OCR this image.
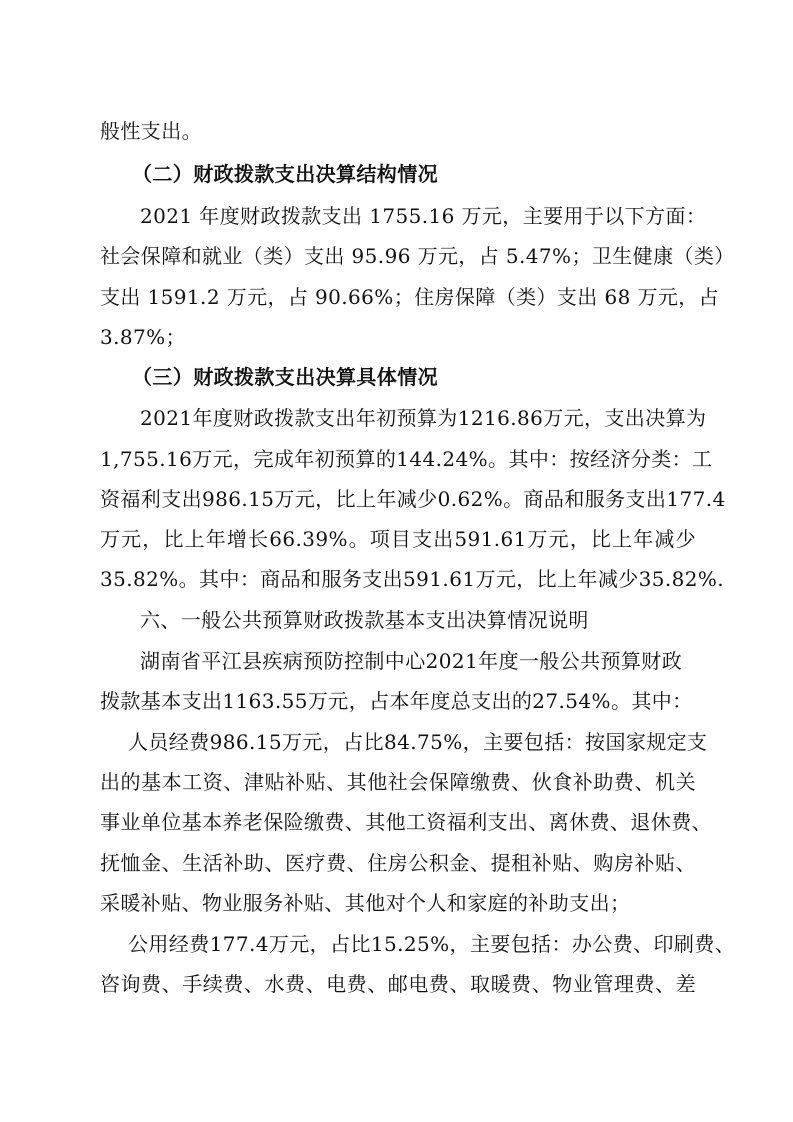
般性支出。
（二）财政拨款支出决算结构情况
2021 年度财政拨款支出 1755.16 万元，主要用于以下方面：
社会保障和就业（类）支出 95.96 万元，占 5.47%；卫生健康（类）
支出 1591.2 万元，占 90.66%；住房保障（类）支出 68 万元，占
3.87%；
（三）财政拨款支出决算具体情况
2021年度财政拨款支出年初预算为1216.86万元，支出决算为
1,755.16万元，完成年初预算的144.24%。其中：按经济分类：工
资福利支出986.15万元，比上年减少0.62%。商品和服务支出177.4
万元，比上年增长66.39%。项目支出591.61万元，比上年减少
35.82%。其中：商品和服务支出591.61万元，比上年减少35.82%.
六、一般公共预算财政拨款基本支出决算情况说明
湖南省平江县疾病预防控制中心2021年度一般公共预算财政
拨款基本支出1163.55万元，占本年度总支出的27.54%。其中：
人员经费986.15万元，占比84.75%，主要包括：按国家规定支
出的基本工资、津贴补贴、其他社会保障缴费、伙食补助费、机关
事业单位基本养老保险缴费、其他工资福利支出、离休费、退休费、
抚恤金、生活补助、医疗费、住房公积金、提租补贴、购房补贴、
采暖补贴、物业服务补贴、其他对个人和家庭的补助支出；
公用经费177.4万元，占比15.25%，主要包括：办公费、印刷费、
咨询费、手续费、水费、电费、邮电费、取暖费、物业管理费、差
